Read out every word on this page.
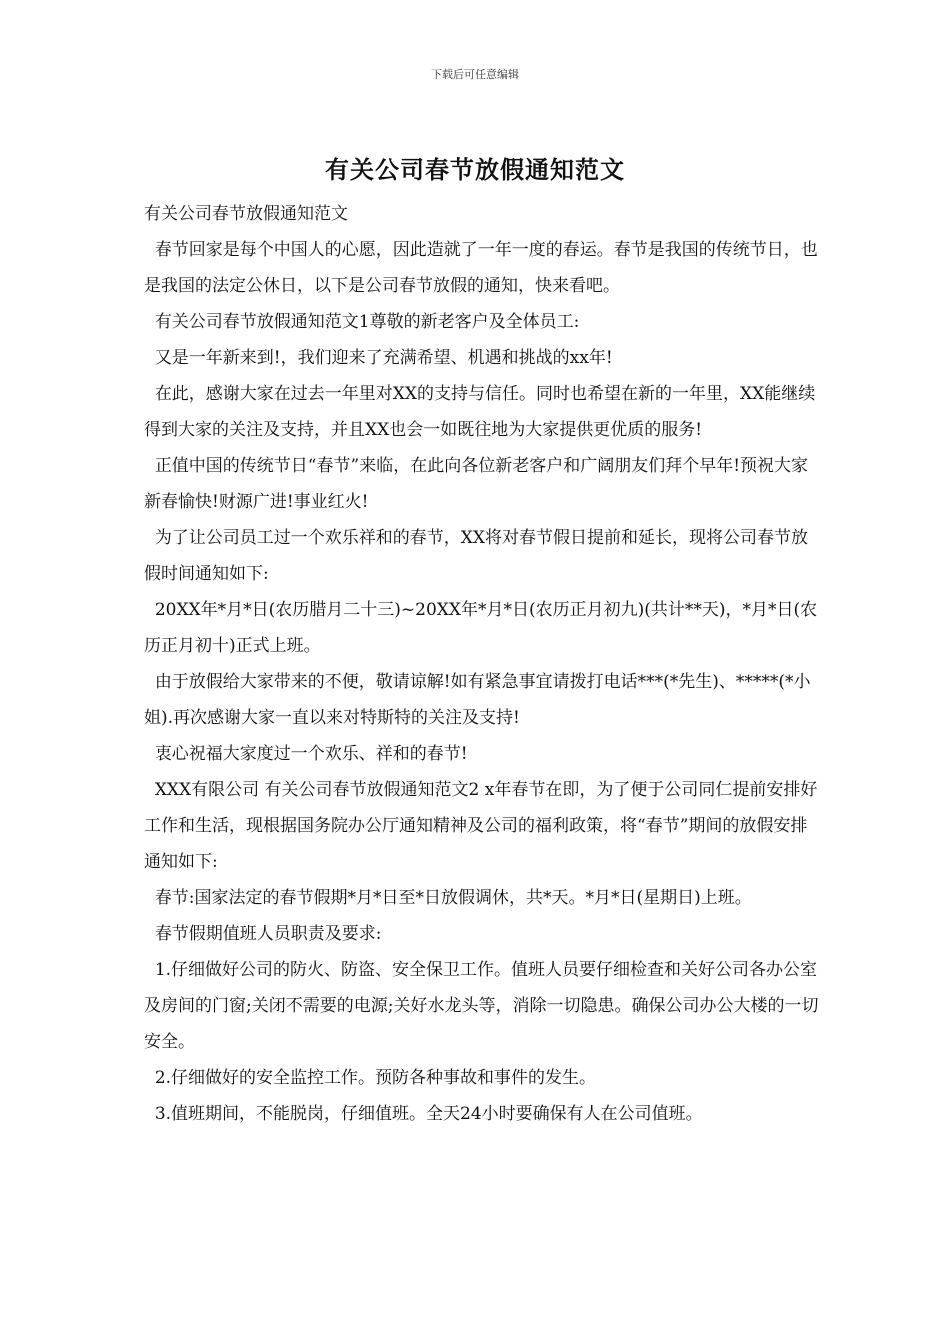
下载后可任意编辑
有关公司春节放假通知范文

有关公司春节放假通知范文

春节回家是每个中国人的心愿，因此造就了一年一度的春运。春节是我国的传统节日，也是我国的法定公休日，以下是公司春节放假的通知，快来看吧。

有关公司春节放假通知范文1尊敬的新老客户及全体员工:

又是一年新来到!，我们迎来了充满希望、机遇和挑战的xx年!

在此，感谢大家在过去一年里对XX的支持与信任。同时也希望在新的一年里，XX能继续得到大家的关注及支持，并且XX也会一如既往地为大家提供更优质的服务!

正值中国的传统节日“春节”来临，在此向各位新老客户和广阔朋友们拜个早年!预祝大家新春愉快!财源广进!事业红火!

为了让公司员工过一个欢乐祥和的春节，XX将对春节假日提前和延长，现将公司春节放假时间通知如下:

20XX年*月*日(农历腊月二十三)~20XX年*月*日(农历正月初九)(共计**天)，*月*日(农历正月初十)正式上班。

由于放假给大家带来的不便，敬请谅解!如有紧急事宜请拨打电话***(*先生)、*****(*小姐).再次感谢大家一直以来对特斯特的关注及支持!

衷心祝福大家度过一个欢乐、祥和的春节!

XXX有限公司 有关公司春节放假通知范文2 x年春节在即，为了便于公司同仁提前安排好工作和生活，现根据国务院办公厅通知精神及公司的福利政策，将“春节”期间的放假安排通知如下:

春节:国家法定的春节假期*月*日至*日放假调休，共*天。*月*日(星期日)上班。

春节假期值班人员职责及要求:

1.仔细做好公司的防火、防盗、安全保卫工作。值班人员要仔细检查和关好公司各办公室及房间的门窗;关闭不需要的电源;关好水龙头等，消除一切隐患。确保公司办公大楼的一切安全。

2.仔细做好的安全监控工作。预防各种事故和事件的发生。

3.值班期间，不能脱岗，仔细值班。全天24小时要确保有人在公司值班。
